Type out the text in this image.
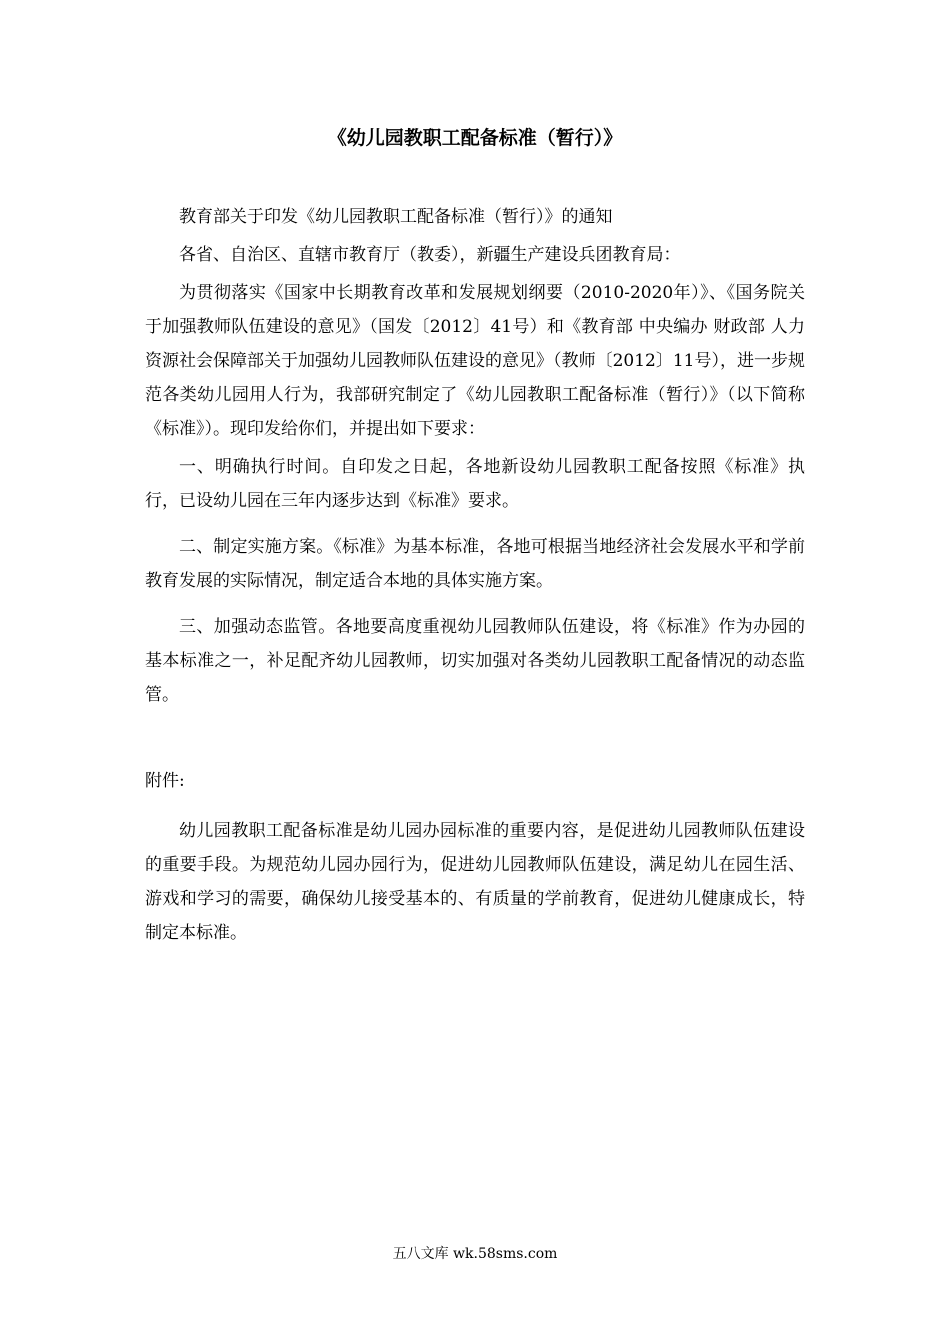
《幼儿园教职工配备标准（暂行）》

教育部关于印发《幼儿园教职工配备标准（暂行）》的通知

各省、自治区、直辖市教育厅（教委），新疆生产建设兵团教育局：

为贯彻落实《国家中长期教育改革和发展规划纲要（2010-2020年）》、《国务院关于加强教师队伍建设的意见》（国发〔2012〕41号）和《教育部 中央编办 财政部 人力资源社会保障部关于加强幼儿园教师队伍建设的意见》（教师〔2012〕11号），进一步规范各类幼儿园用人行为，我部研究制定了《幼儿园教职工配备标准（暂行）》（以下简称《标准》）。现印发给你们，并提出如下要求：

一、明确执行时间。自印发之日起，各地新设幼儿园教职工配备按照《标准》执行，已设幼儿园在三年内逐步达到《标准》要求。

二、制定实施方案。《标准》为基本标准，各地可根据当地经济社会发展水平和学前教育发展的实际情况，制定适合本地的具体实施方案。

三、加强动态监管。各地要高度重视幼儿园教师队伍建设，将《标准》作为办园的基本标准之一，补足配齐幼儿园教师，切实加强对各类幼儿园教职工配备情况的动态监管。

附件:

幼儿园教职工配备标准是幼儿园办园标准的重要内容，是促进幼儿园教师队伍建设的重要手段。为规范幼儿园办园行为，促进幼儿园教师队伍建设，满足幼儿在园生活、游戏和学习的需要，确保幼儿接受基本的、有质量的学前教育，促进幼儿健康成长，特制定本标准。

五八文库 wk.58sms.com
